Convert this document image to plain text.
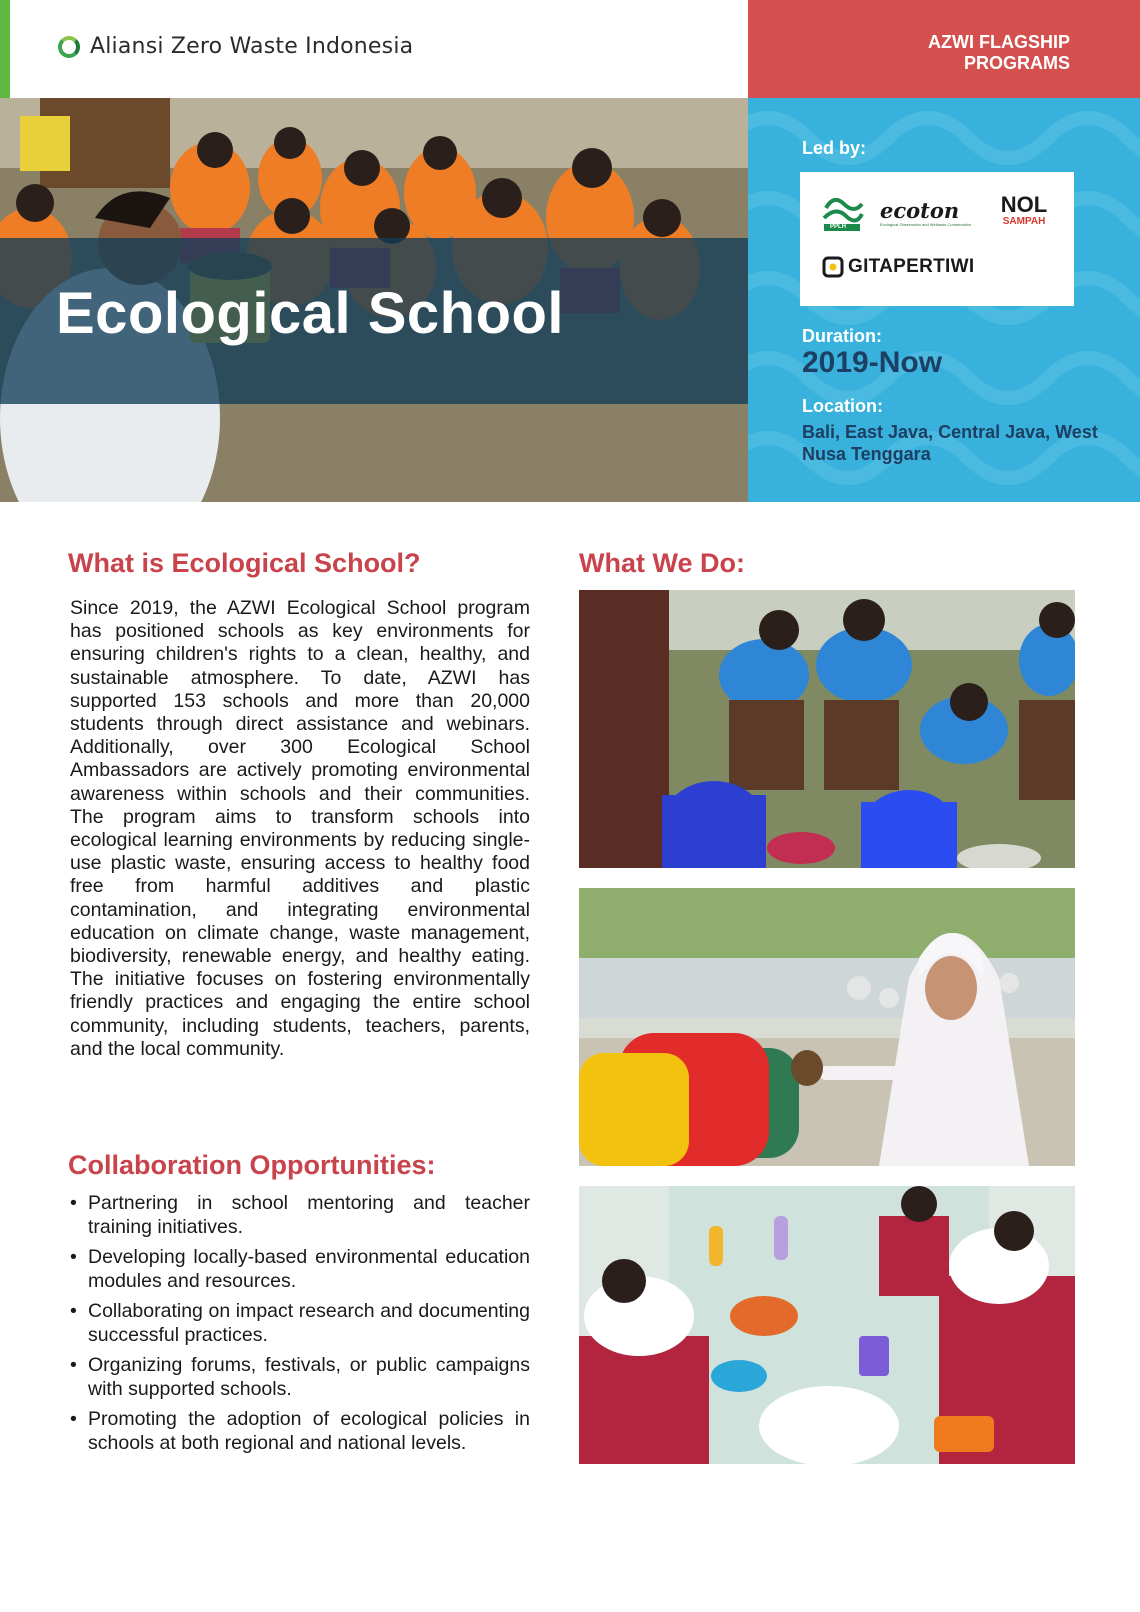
Aliansi Zero Waste Indonesia	AZWI FLAGSHIP
PROGRAMS
Ecological School
Led by:
PPLH
ecoton
Ecological Observation and Wetlands Conservation
NOL
SAMPAH
GITAPERTIWI
Duration:
2019-Now
Location:
Bali, East Java, Central Java, West Nusa Tenggara
What is Ecological School?
Since 2019, the AZWI Ecological School program has positioned schools as key environments for ensuring children's rights to a clean, healthy, and sustainable atmosphere. To date, AZWI has supported 153 schools and more than 20,000 students through direct assistance and webinars. Additionally, over 300 Ecological School Ambassadors are actively promoting environmental awareness within schools and their communities. The program aims to transform schools into ecological learning environments by reducing single-use plastic waste, ensuring access to healthy food free from harmful additives and plastic contamination, and integrating environmental education on climate change, waste management, biodiversity, renewable energy, and healthy eating. The initiative focuses on fostering environmentally friendly practices and engaging the entire school community, including students, teachers, parents, and the local community.
Collaboration Opportunities:
• Partnering in school mentoring and teacher training initiatives.
• Developing locally-based environmental education modules and resources.
• Collaborating on impact research and documenting successful practices.
• Organizing forums, festivals, or public campaigns with supported schools.
• Promoting the adoption of ecological policies in schools at both regional and national levels.
What We Do:
